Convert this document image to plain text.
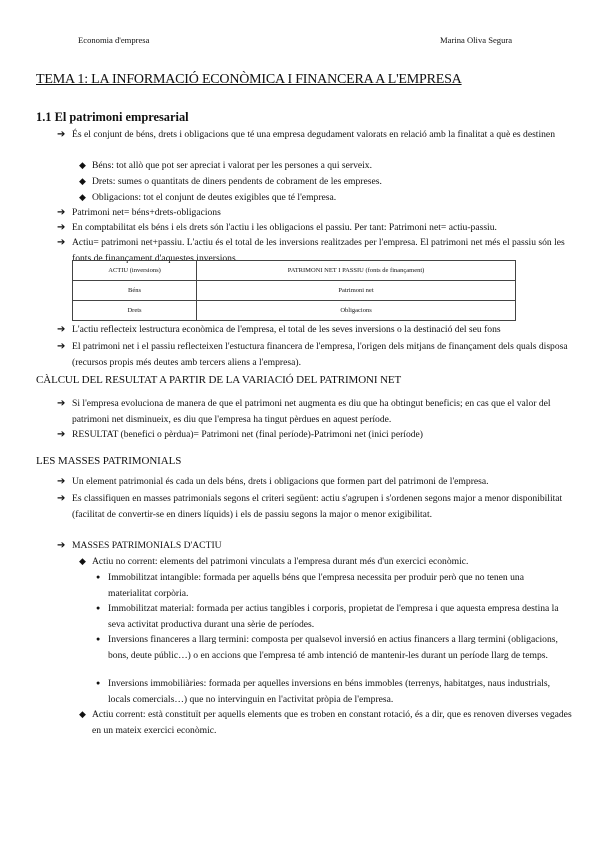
Economia d'empresa	Marina Oliva Segura
TEMA 1: LA INFORMACIÓ ECONÒMICA I FINANCERA A L'EMPRESA
1.1 El patrimoni empresarial
➔ És el conjunt de béns, drets i obligacions que té una empresa degudament valorats en relació amb la finalitat a què es destinen
◆ Béns: tot allò que pot ser apreciat i valorat per les persones a qui serveix.
◆ Drets: sumes o quantitats de diners pendents de cobrament de les empreses.
◆ Obligacions: tot el conjunt de deutes exigibles que té l'empresa.
➔ Patrimoni net= béns+drets-obligacions
➔ En comptabilitat els béns i els drets són l'actiu i les obligacions el passiu. Per tant: Patrimoni net= actiu-passiu.
➔ Actiu= patrimoni net+passiu. L'actiu és el total de les inversions realitzades per l'empresa. El patrimoni net més el passiu són les fonts de finançament d'aquestes inversions.
ACTIU (inversions)	PATRIMONI NET I PASSIU (fonts de finançament)
Béns	Patrimoni net
Drets	Obligacions
➔ L'actiu reflecteix lestructura econòmica de l'empresa, el total de les seves inversions o la destinació del seu fons
➔ El patrimoni net i el passiu reflecteixen l'estuctura financera de l'empresa, l'origen dels mitjans de finançament dels quals disposa (recursos propis més deutes amb tercers aliens a l'empresa).
CÀLCUL DEL RESULTAT A PARTIR DE LA VARIACIÓ DEL PATRIMONI NET
➔ Si l'empresa evoluciona de manera de que el patrimoni net augmenta es diu que ha obtingut beneficis; en cas que el valor del patrimoni net disminueix, es diu que l'empresa ha tingut pèrdues en aquest període.
➔ RESULTAT (benefici o pèrdua)= Patrimoni net (final període)-Patrimoni net (inici període)
LES MASSES PATRIMONIALS
➔ Un element patrimonial és cada un dels béns, drets i obligacions que formen part del patrimoni de l'empresa.
➔ Es classifiquen en masses patrimonials segons el criteri següent: actiu s'agrupen i s'ordenen segons major a menor disponibilitat (facilitat de convertir-se en diners líquids) i els de passiu segons la major o menor exigibilitat.
➔ MASSES PATRIMONIALS D'ACTIU
◆ Actiu no corrent: elements del patrimoni vinculats a l'empresa durant més d'un exercici econòmic.
● Immobilitzat intangible: formada per aquells béns que l'empresa necessita per produir però que no tenen una materialitat corpòria.
● Immobilitzat material: formada per actius tangibles i corporis, propietat de l'empresa i que aquesta empresa destina la seva activitat productiva durant una sèrie de períodes.
● Inversions financeres a llarg termini: composta per qualsevol inversió en actius financers a llarg termini (obligacions, bons, deute públic…) o en accions que l'empresa té amb intenció de mantenir-les durant un període llarg de temps.
● Inversions immobiliàries: formada per aquelles inversions en béns immobles (terrenys, habitatges, naus industrials, locals comercials…) que no intervinguin en l'activitat pròpia de l'empresa.
◆ Actiu corrent: està constituït per aquells elements que es troben en constant rotació, és a dir, que es renoven diverses vegades en un mateix exercici econòmic.
